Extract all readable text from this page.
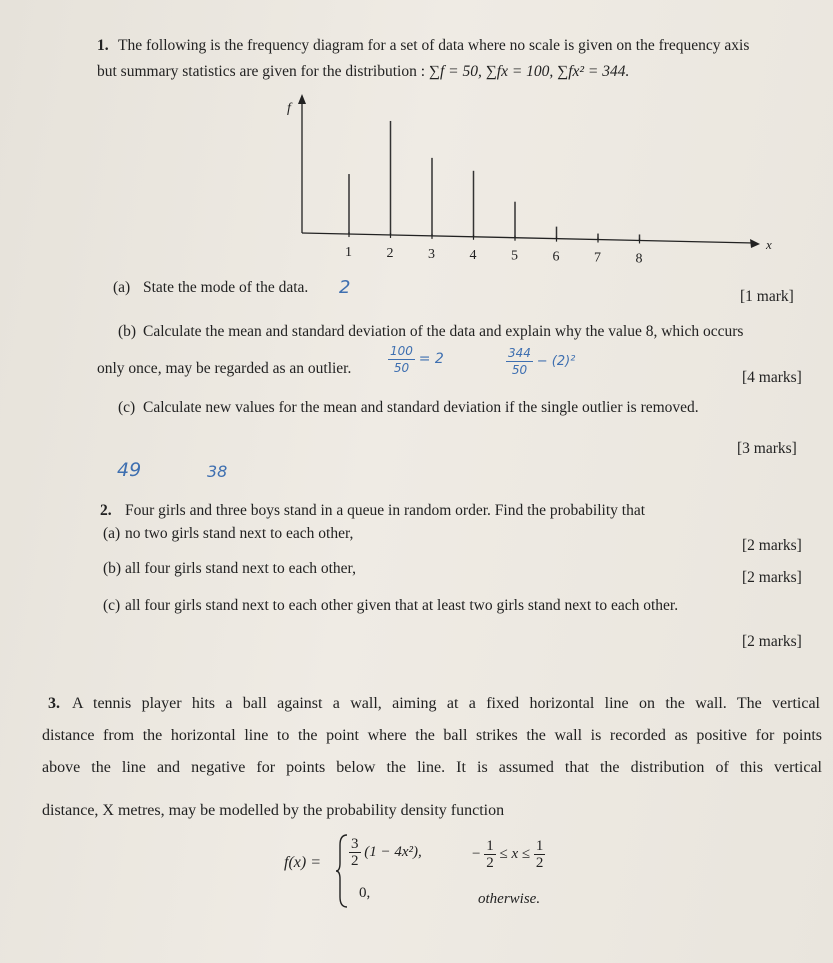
1. The following is the frequency diagram for a set of data where no scale is given on the frequency axis
but summary statistics are given for the distribution : ∑f = 50, ∑fx = 100, ∑fx² = 344.
f
x
1 2 3 4 5 6 7 8
(a) State the mode of the data. 2	[1 mark]
(b) Calculate the mean and standard deviation of the data and explain why the value 8, which occurs
only once, may be regarded as an outlier.
[4 marks]
$\frac{100}{50} = 2$	$\frac{344}{50} - (2)^2$
(c) Calculate new values for the mean and standard deviation if the single outlier is removed.
[3 marks]
49	38
2. Four girls and three boys stand in a queue in random order. Find the probability that
(a) no two girls stand next to each other,
[2 marks]
(b) all four girls stand next to each other,
[2 marks]
(c) all four girls stand next to each other given that at least two girls stand next to each other.
[2 marks]
3. A tennis player hits a ball against a wall, aiming at a fixed horizontal line on the wall. The vertical
distance from the horizontal line to the point where the ball strikes the wall is recorded as positive for points
above the line and negative for points below the line. It is assumed that the distribution of this vertical
distance, X metres, may be modelled by the probability density function
$f(x) = \frac{3}{2} (1 - 4x^2)$,	− $\frac{1}{2} \le x \le \frac{1}{2}$
0,	otherwise.
